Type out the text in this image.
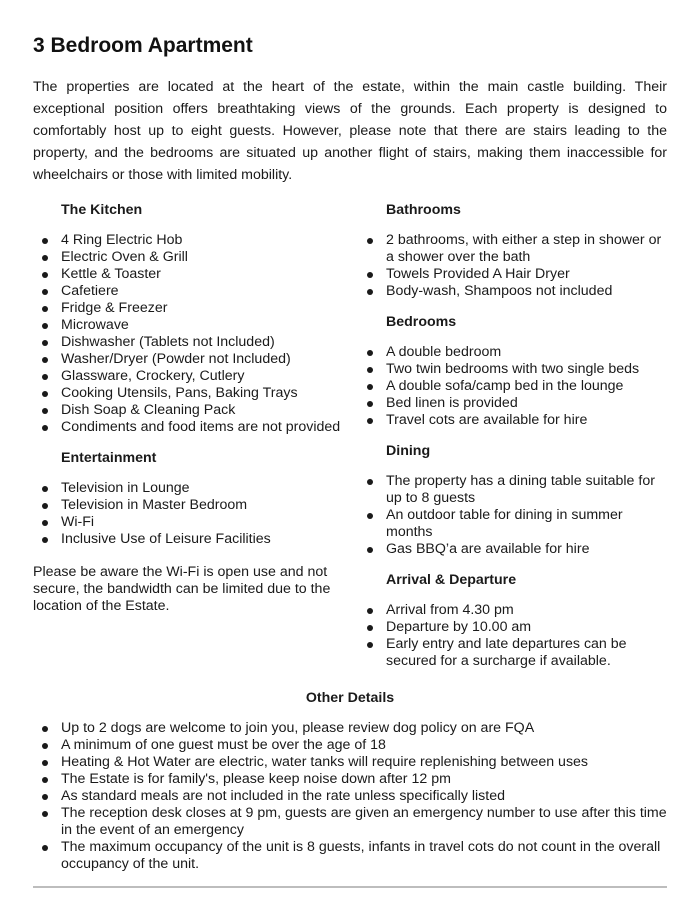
3 Bedroom Apartment

The properties are located at the heart of the estate, within the main castle building. Their exceptional position offers breathtaking views of the grounds. Each property is designed to comfortably host up to eight guests. However, please note that there are stairs leading to the property, and the bedrooms are situated up another flight of stairs, making them inaccessible for wheelchairs or those with limited mobility.

The Kitchen
4 Ring Electric Hob
Electric Oven & Grill
Kettle & Toaster
Cafetiere
Fridge & Freezer
Microwave
Dishwasher (Tablets not Included)
Washer/Dryer (Powder not Included)
Glassware, Crockery, Cutlery
Cooking Utensils, Pans, Baking Trays
Dish Soap & Cleaning Pack
Condiments and food items are not provided
Entertainment
Television in Lounge
Television in Master Bedroom
Wi-Fi
Inclusive Use of Leisure Facilities

Please be aware the Wi-Fi is open use and not secure, the bandwidth can be limited due to the location of the Estate.

Bathrooms
2 bathrooms, with either a step in shower or a shower over the bath
Towels Provided A Hair Dryer
Body-wash, Shampoos not included
Bedrooms
A double bedroom
Two twin bedrooms with two single beds
A double sofa/camp bed in the lounge
Bed linen is provided
Travel cots are available for hire
Dining
The property has a dining table suitable for up to 8 guests
An outdoor table for dining in summer months
Gas BBQ’a are available for hire
Arrival & Departure
Arrival from 4.30 pm
Departure by 10.00 am
Early entry and late departures can be secured for a surcharge if available.
Other Details
Up to 2 dogs are welcome to join you, please review dog policy on are FQA
A minimum of one guest must be over the age of 18
Heating & Hot Water are electric, water tanks will require replenishing between uses
The Estate is for family's, please keep noise down after 12 pm
As standard meals are not included in the rate unless specifically listed
The reception desk closes at 9 pm, guests are given an emergency number to use after this time in the event of an emergency
The maximum occupancy of the unit is 8 guests, infants in travel cots do not count in the overall occupancy of the unit.
